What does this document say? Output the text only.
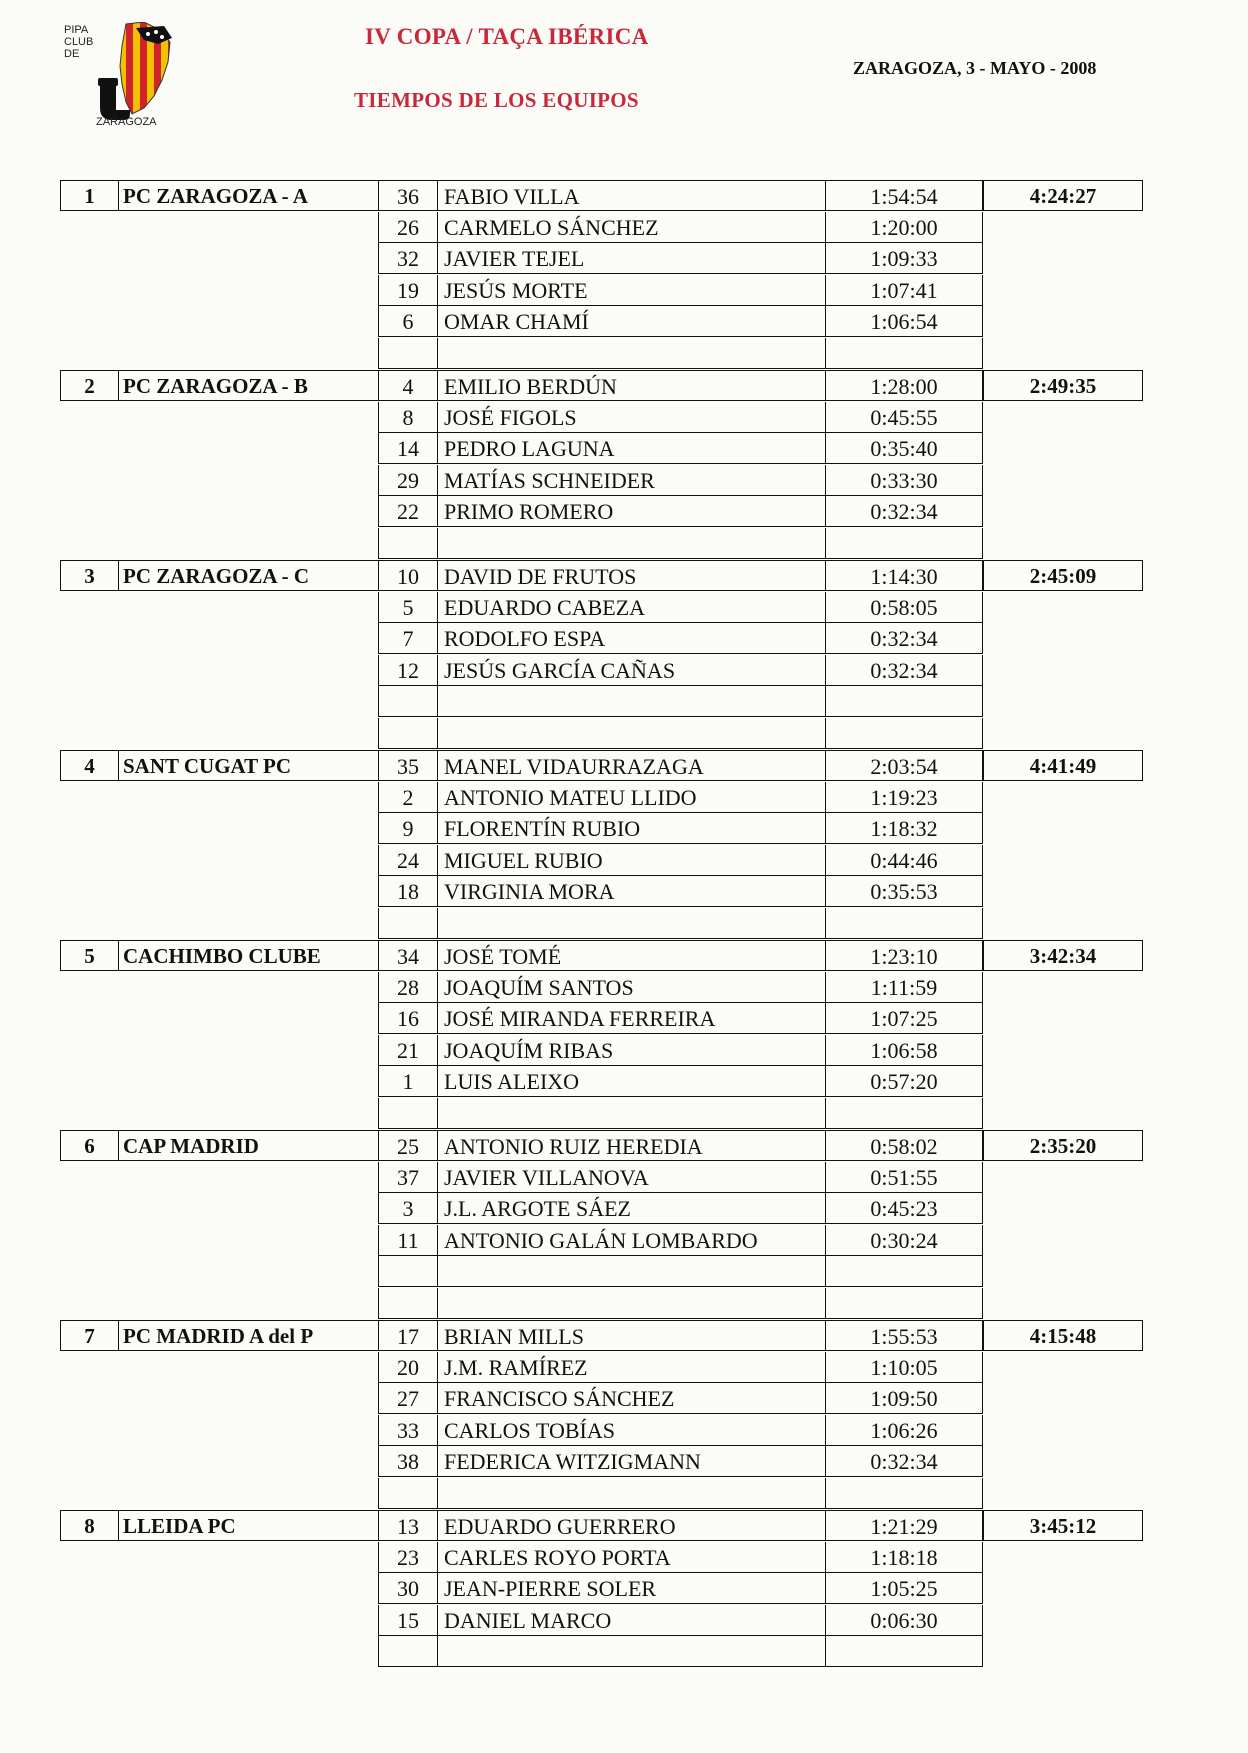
PIPA
CLUB
DE
ZARAGOZA
IV COPA / TAÇA IBÉRICA
TIEMPOS DE LOS EQUIPOS
ZARAGOZA, 3 - MAYO - 2008
1	PC ZARAGOZA - A	36	FABIO VILLA	1:54:54	4:24:27
26	CARMELO SÁNCHEZ	1:20:00
32	JAVIER TEJEL	1:09:33
19	JESÚS MORTE	1:07:41
6	OMAR CHAMÍ	1:06:54
2	PC ZARAGOZA - B	4	EMILIO BERDÚN	1:28:00	2:49:35
8	JOSÉ FIGOLS	0:45:55
14	PEDRO LAGUNA	0:35:40
29	MATÍAS SCHNEIDER	0:33:30
22	PRIMO ROMERO	0:32:34
3	PC ZARAGOZA - C	10	DAVID DE FRUTOS	1:14:30	2:45:09
5	EDUARDO CABEZA	0:58:05
7	RODOLFO ESPA	0:32:34
12	JESÚS GARCÍA CAÑAS	0:32:34
4	SANT CUGAT PC	35	MANEL VIDAURRAZAGA	2:03:54	4:41:49
2	ANTONIO MATEU LLIDO	1:19:23
9	FLORENTÍN RUBIO	1:18:32
24	MIGUEL RUBIO	0:44:46
18	VIRGINIA MORA	0:35:53
5	CACHIMBO CLUBE	34	JOSÉ TOMÉ	1:23:10	3:42:34
28	JOAQUÍM SANTOS	1:11:59
16	JOSÉ MIRANDA FERREIRA	1:07:25
21	JOAQUÍM RIBAS	1:06:58
1	LUIS ALEIXO	0:57:20
6	CAP MADRID	25	ANTONIO RUIZ HEREDIA	0:58:02	2:35:20
37	JAVIER VILLANOVA	0:51:55
3	J.L. ARGOTE SÁEZ	0:45:23
11	ANTONIO GALÁN LOMBARDO	0:30:24
7	PC MADRID A del P	17	BRIAN MILLS	1:55:53	4:15:48
20	J.M. RAMÍREZ	1:10:05
27	FRANCISCO SÁNCHEZ	1:09:50
33	CARLOS TOBÍAS	1:06:26
38	FEDERICA WITZIGMANN	0:32:34
8	LLEIDA PC	13	EDUARDO GUERRERO	1:21:29	3:45:12
23	CARLES ROYO PORTA	1:18:18
30	JEAN-PIERRE SOLER	1:05:25
15	DANIEL MARCO	0:06:30
